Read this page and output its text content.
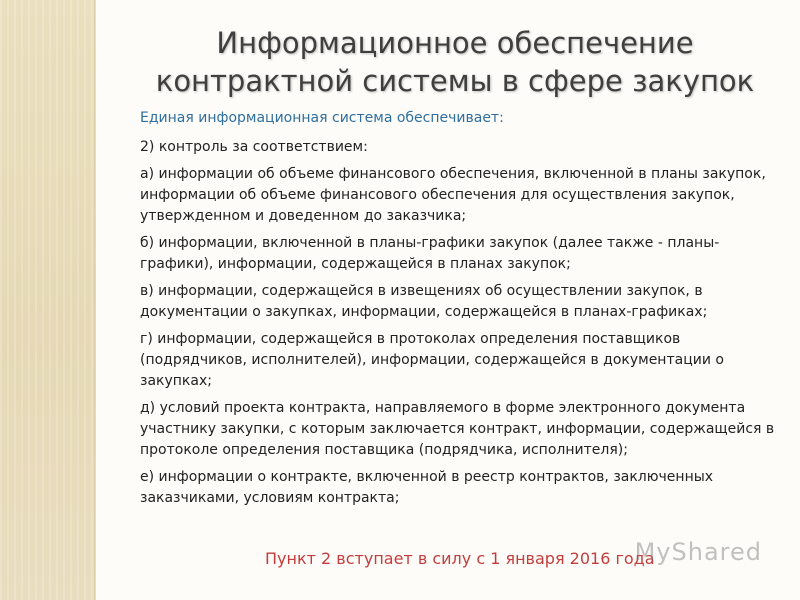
Информационное обеспечение контрактной системы в сфере закупок
Единая информационная система обеспечивает:
2) контроль за соответствием:
а) информации об объеме финансового обеспечения, включенной в планы закупок, информации об объеме финансового обеспечения для осуществления закупок, утвержденном и доведенном до заказчика;
б) информации, включенной в планы-графики закупок (далее также - планы-графики), информации, содержащейся в планах закупок;
в) информации, содержащейся в извещениях об осуществлении закупок, в документации о закупках, информации, содержащейся в планах-графиках;
г) информации, содержащейся в протоколах определения поставщиков (подрядчиков, исполнителей), информации, содержащейся в документации о закупках;
д) условий проекта контракта, направляемого в форме электронного документа участнику закупки, с которым заключается контракт, информации, содержащейся в протоколе определения поставщика (подрядчика, исполнителя);
е) информации о контракте, включенной в реестр контрактов, заключенных заказчиками, условиям контракта;
Пункт 2 вступает в силу с 1 января 2016 года
MyShared
